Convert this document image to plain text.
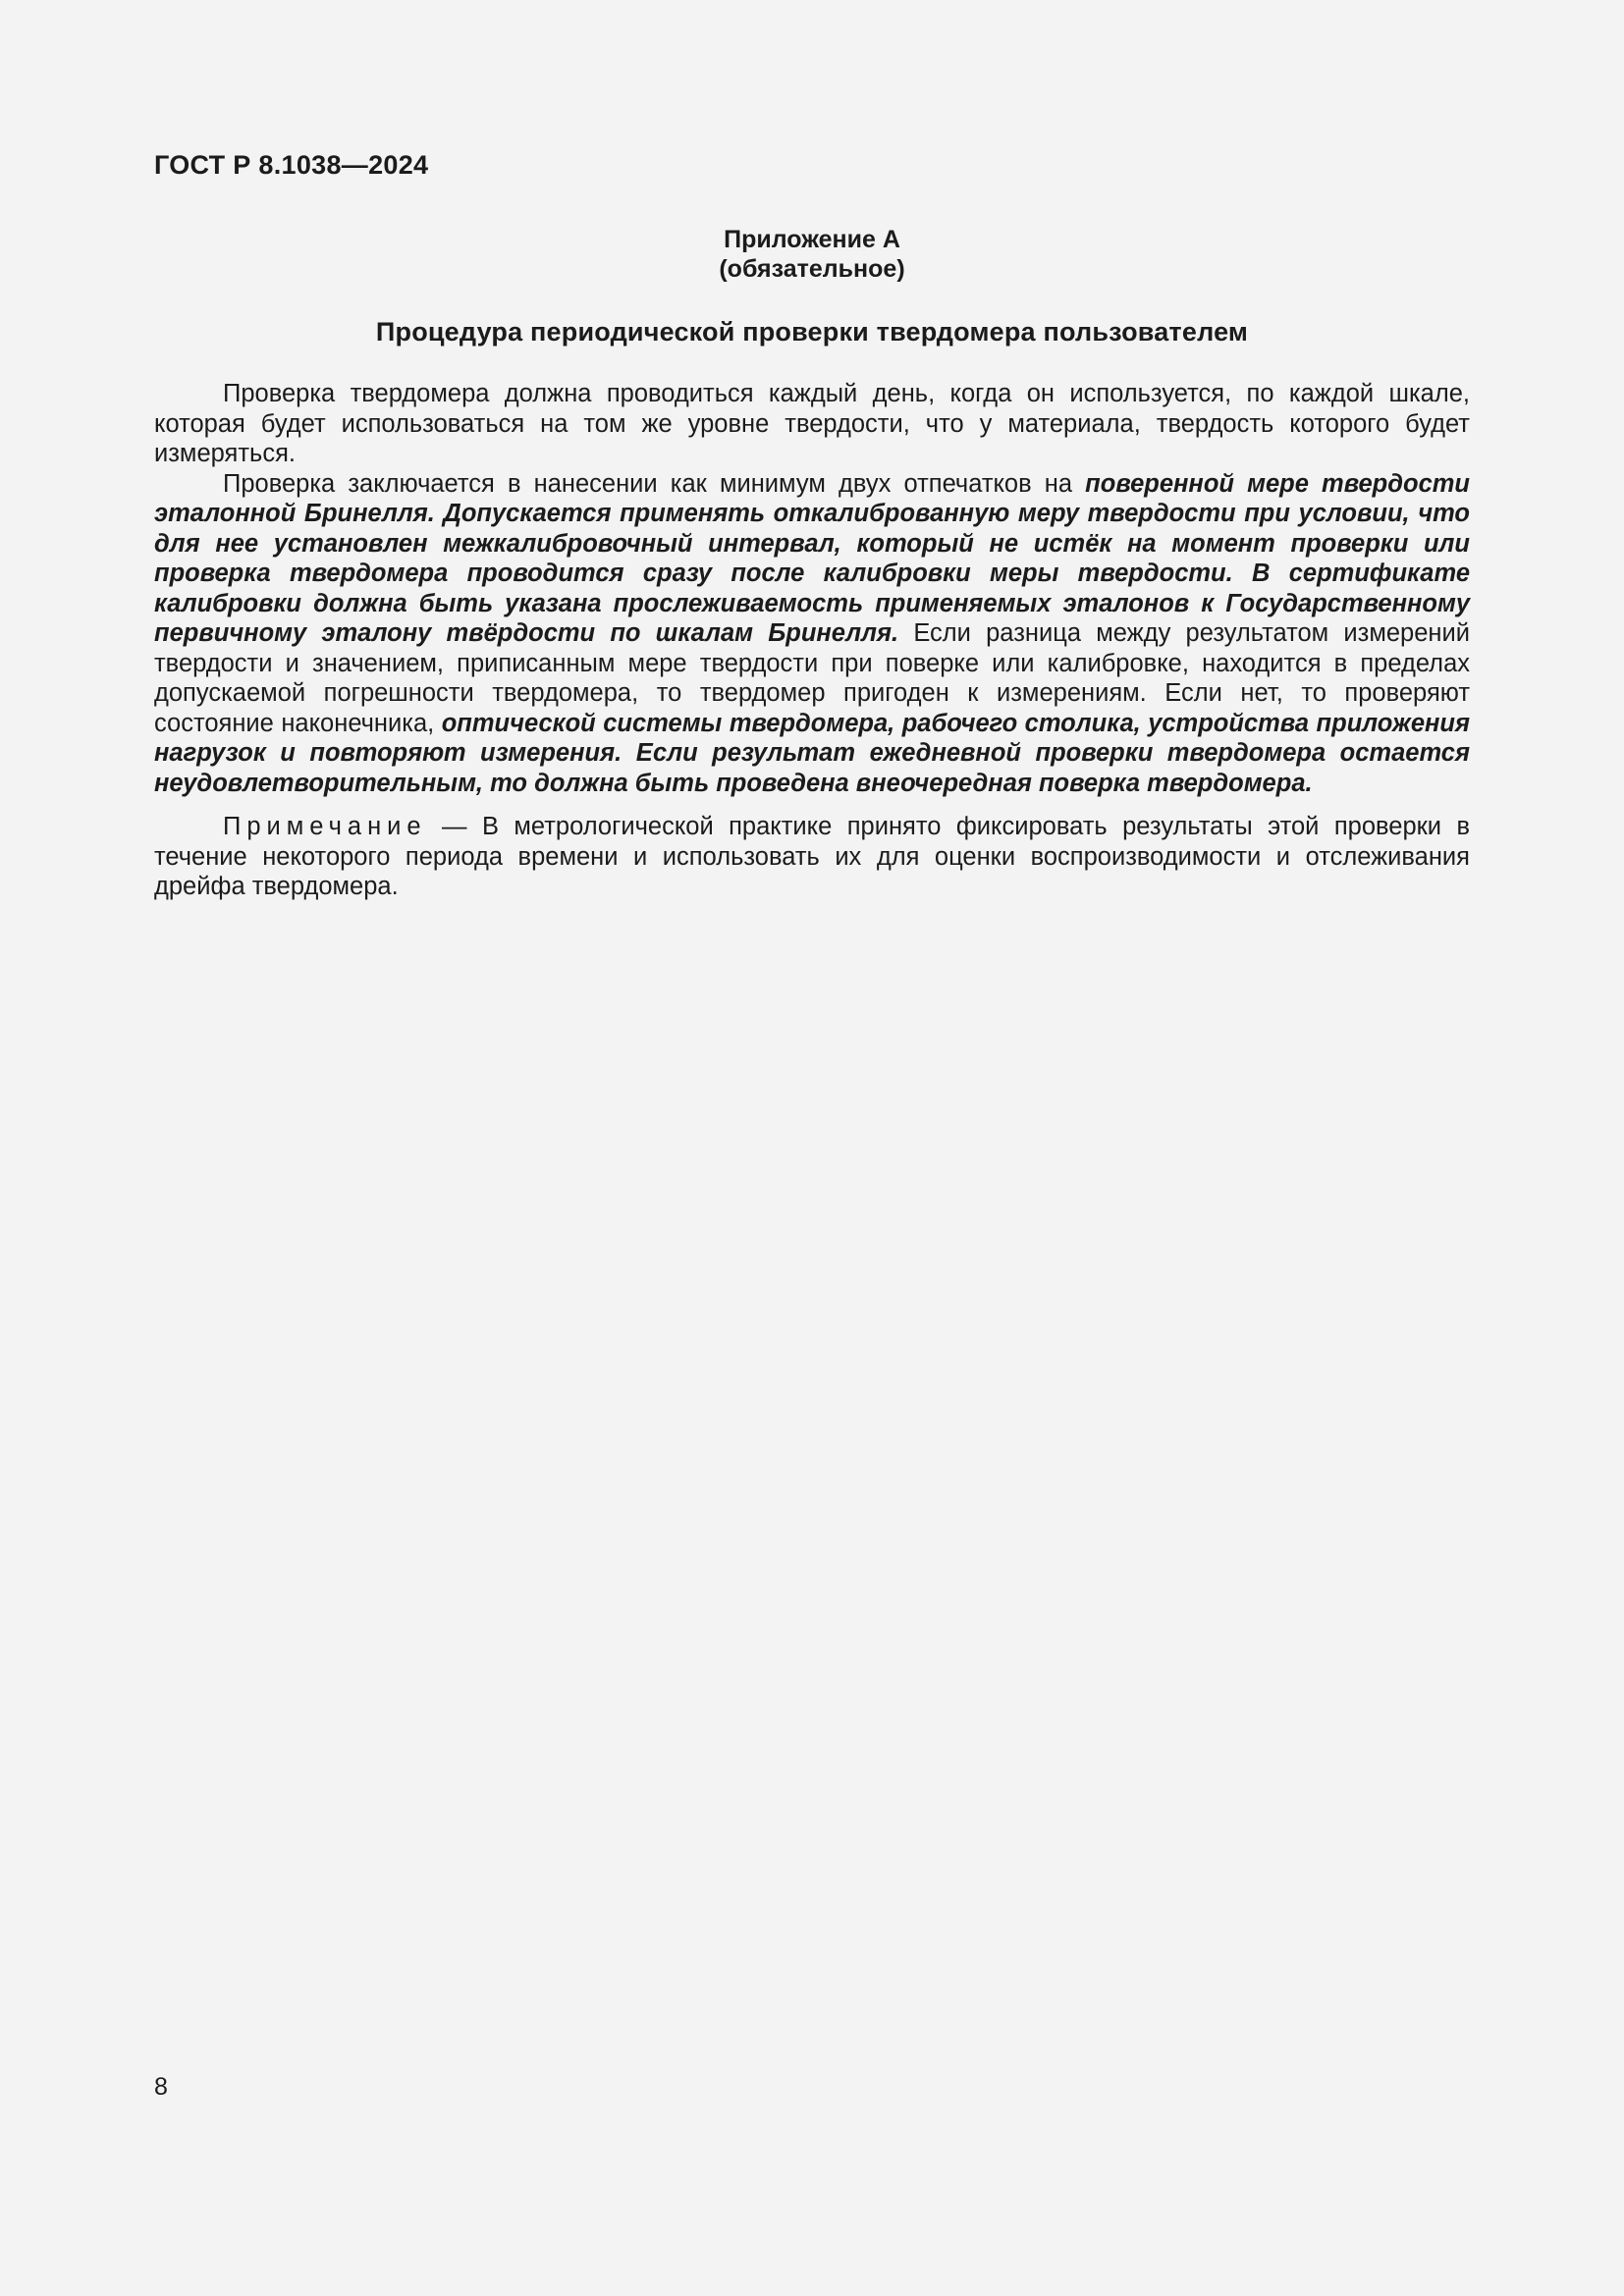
ГОСТ Р 8.1038—2024
Приложение А
(обязательное)
Процедура периодической проверки твердомера пользователем

Проверка твердомера должна проводиться каждый день, когда он используется, по каждой шкале, которая будет использоваться на том же уровне твердости, что у материала, твердость которого будет измеряться.

Проверка заключается в нанесении как минимум двух отпечатков на поверенной мере твердости эталонной Бринелля. Допускается применять откалиброванную меру твердости при условии, что для нее установлен межкалибровочный интервал, который не истёк на момент проверки или проверка твердомера проводится сразу после калибровки меры твердости. В сертификате калибровки должна быть указана прослеживаемость применяемых эталонов к Государственному первичному эталону твёрдости по шкалам Бринелля. Если разница между результатом измерений твердости и значением, приписанным мере твердости при поверке или калибровке, находится в пределах допускаемой погрешности твердомера, то твердомер пригоден к измерениям. Если нет, то проверяют состояние наконечника, оптической системы твердомера, рабочего столика, устройства приложения нагрузок и повторяют измерения. Если результат ежедневной проверки твердомера остается неудовлетворительным, то должна быть проведена внеочередная поверка твердомера.

Примечание — В метрологической практике принято фиксировать результаты этой проверки в течение некоторого периода времени и использовать их для оценки воспроизводимости и отслеживания дрейфа твердомера.

8
